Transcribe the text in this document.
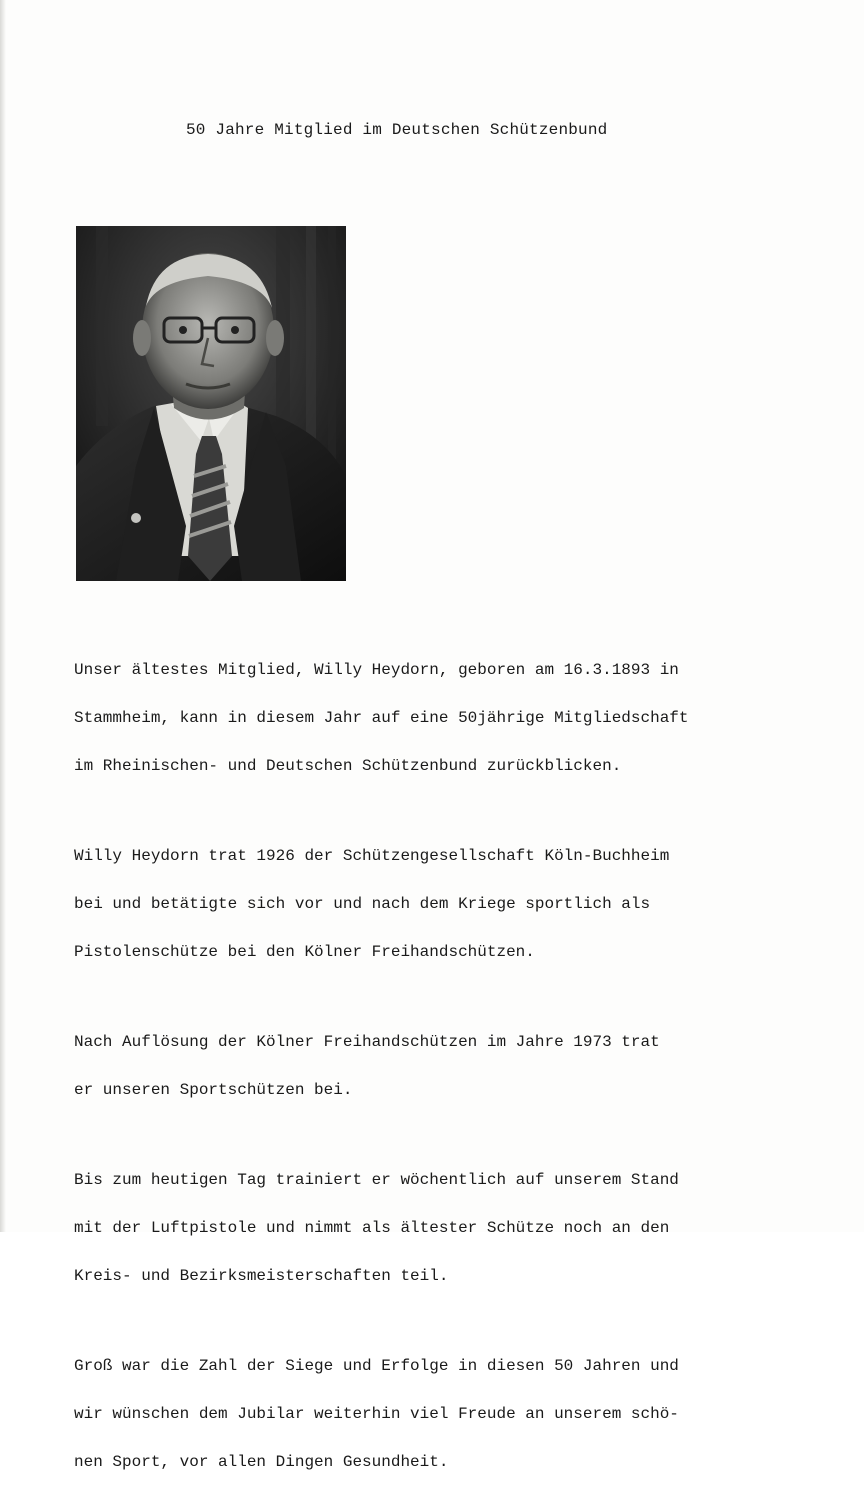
50 Jahre Mitglied im Deutschen Schützenbund

Unser ältestes Mitglied, Willy Heydorn, geboren am 16.3.1893 in

Stammheim, kann in diesem Jahr auf eine 50jährige Mitgliedschaft

im Rheinischen- und Deutschen Schützenbund zurückblicken.

Willy Heydorn trat 1926 der Schützengesellschaft Köln-Buchheim

bei und betätigte sich vor und nach dem Kriege sportlich als

Pistolenschütze bei den Kölner Freihandschützen.

Nach Auflösung der Kölner Freihandschützen im Jahre 1973 trat

er unseren Sportschützen bei.

Bis zum heutigen Tag trainiert er wöchentlich auf unserem Stand

mit der Luftpistole und nimmt als ältester Schütze noch an den

Kreis- und Bezirksmeisterschaften teil.

Groß war die Zahl der Siege und Erfolge in diesen 50 Jahren und

wir wünschen dem Jubilar weiterhin viel Freude an unserem schö-

nen Sport, vor allen Dingen Gesundheit.
